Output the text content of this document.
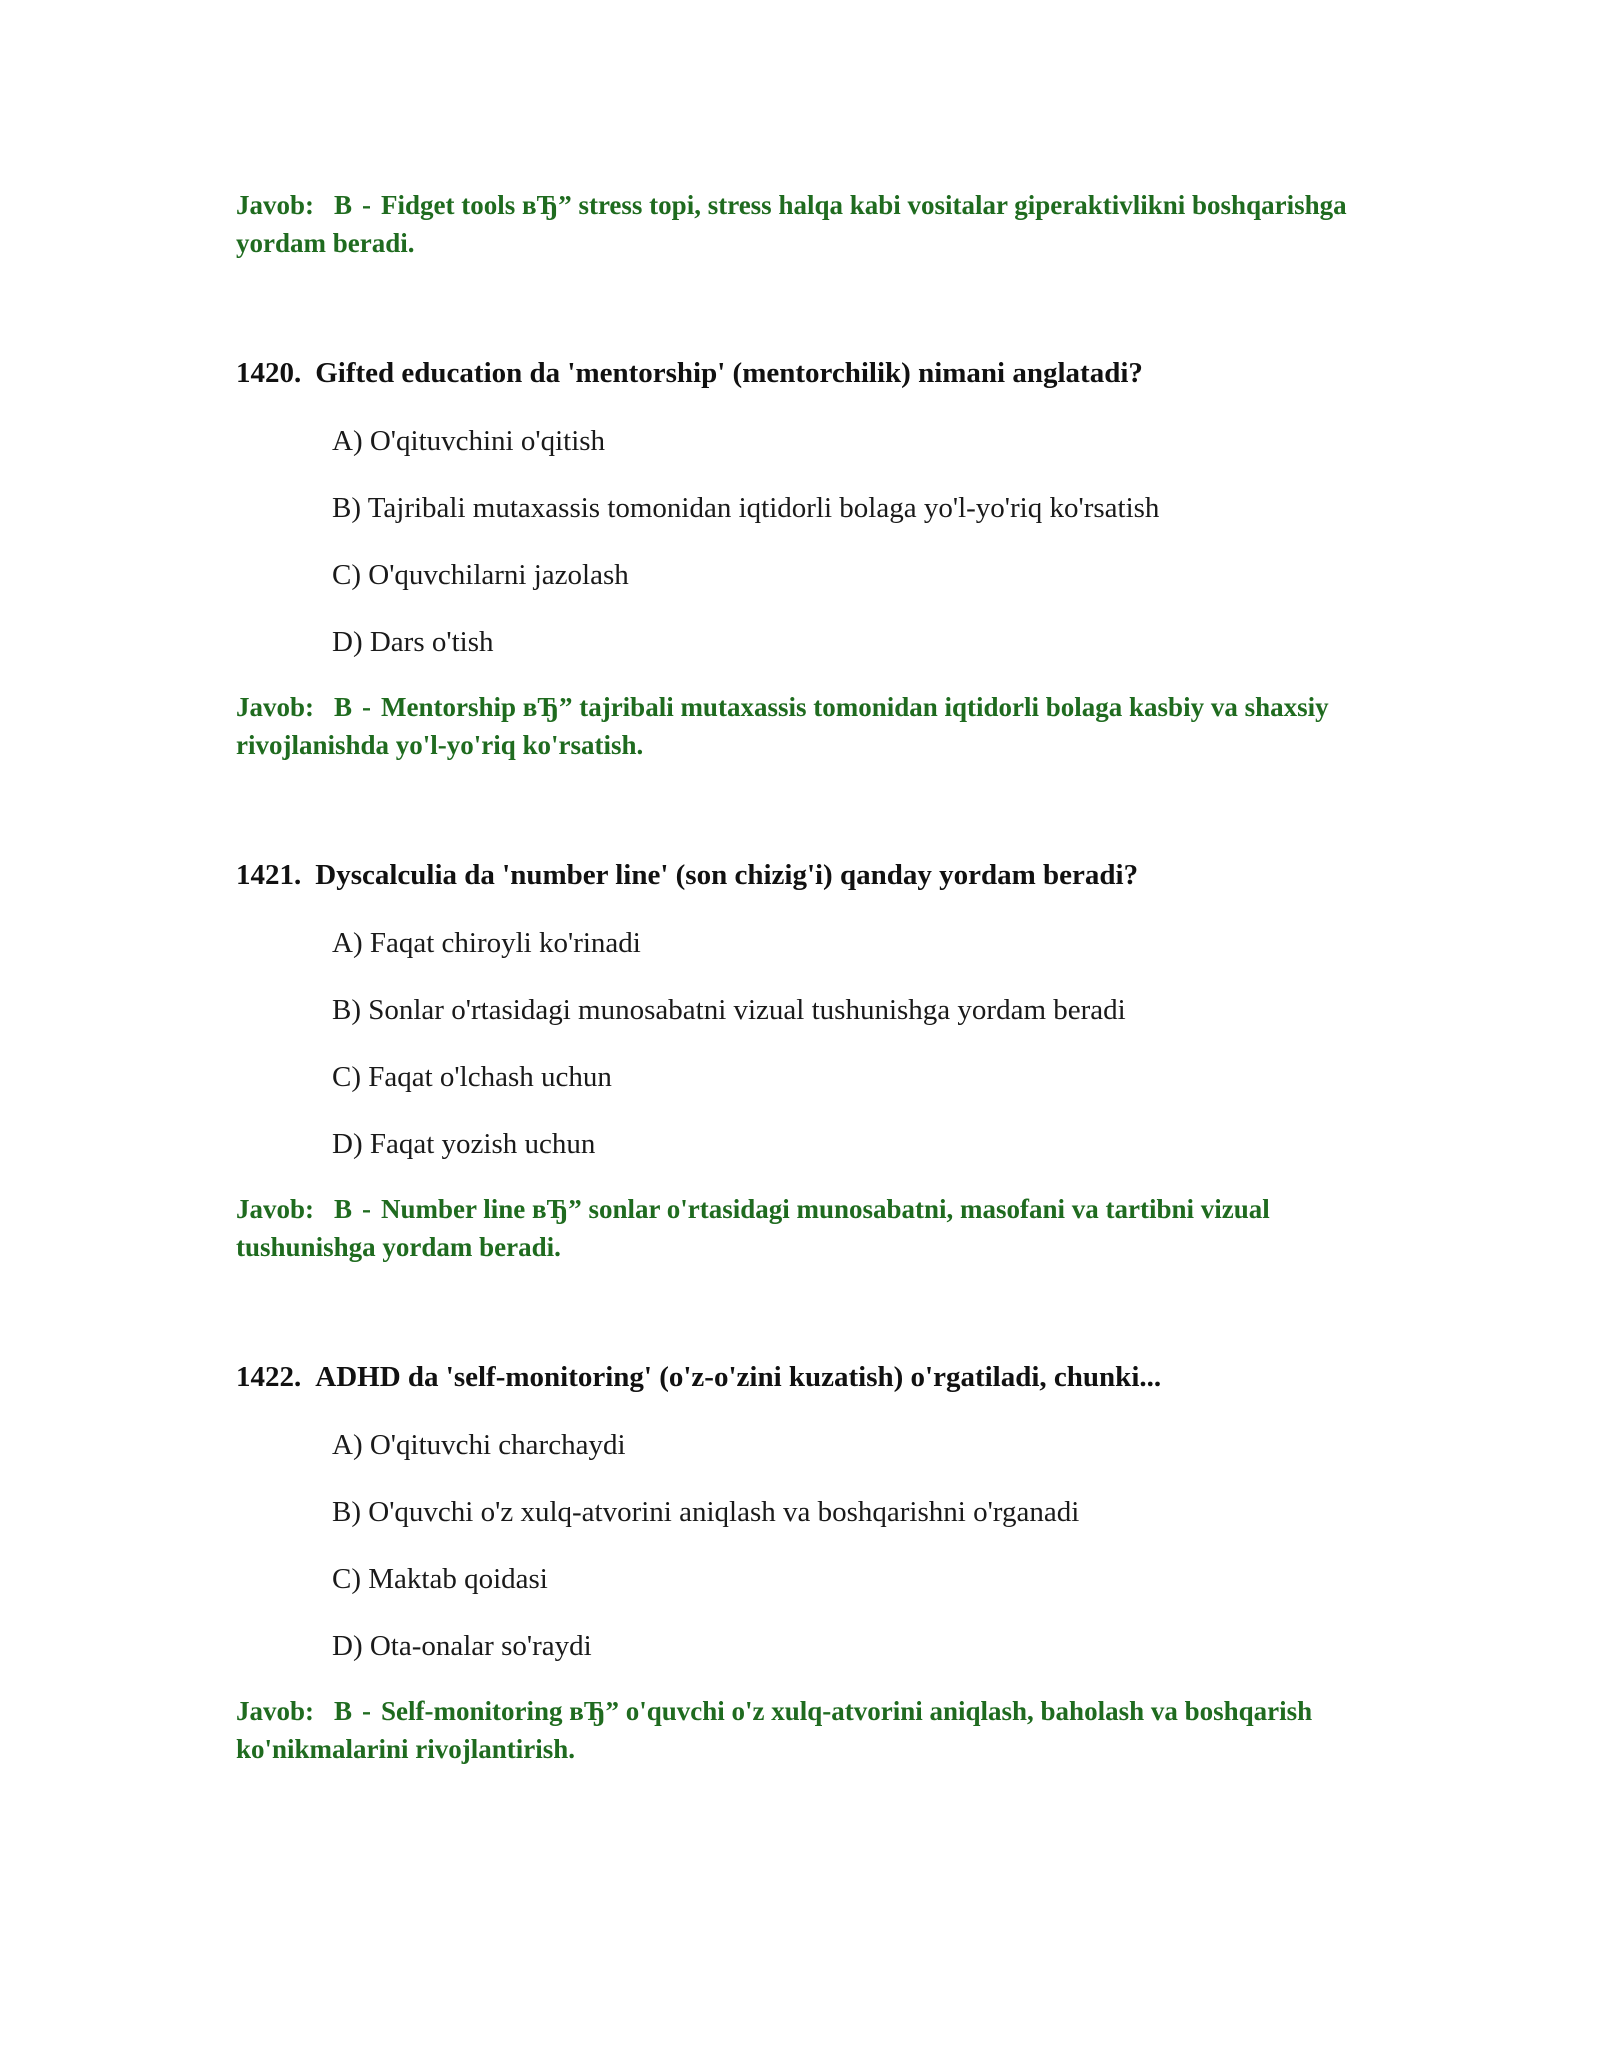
Javob: B - Fidget tools вЂ” stress topi, stress halqa kabi vositalar giperaktivlikni boshqarishga yordam beradi.
1420. Gifted education da 'mentorship' (mentorchilik) nimani anglatadi?
A) O'qituvchini o'qitish
B) Tajribali mutaxassis tomonidan iqtidorli bolaga yo'l-yo'riq ko'rsatish
C) O'quvchilarni jazolash
D) Dars o'tish
Javob: B - Mentorship вЂ” tajribali mutaxassis tomonidan iqtidorli bolaga kasbiy va shaxsiy rivojlanishda yo'l-yo'riq ko'rsatish.
1421. Dyscalculia da 'number line' (son chizig'i) qanday yordam beradi?
A) Faqat chiroyli ko'rinadi
B) Sonlar o'rtasidagi munosabatni vizual tushunishga yordam beradi
C) Faqat o'lchash uchun
D) Faqat yozish uchun
Javob: B - Number line вЂ” sonlar o'rtasidagi munosabatni, masofani va tartibni vizual tushunishga yordam beradi.
1422. ADHD da 'self-monitoring' (o'z-o'zini kuzatish) o'rgatiladi, chunki...
A) O'qituvchi charchaydi
B) O'quvchi o'z xulq-atvorini aniqlash va boshqarishni o'rganadi
C) Maktab qoidasi
D) Ota-onalar so'raydi
Javob: B - Self-monitoring вЂ” o'quvchi o'z xulq-atvorini aniqlash, baholash va boshqarish ko'nikmalarini rivojlantirish.
